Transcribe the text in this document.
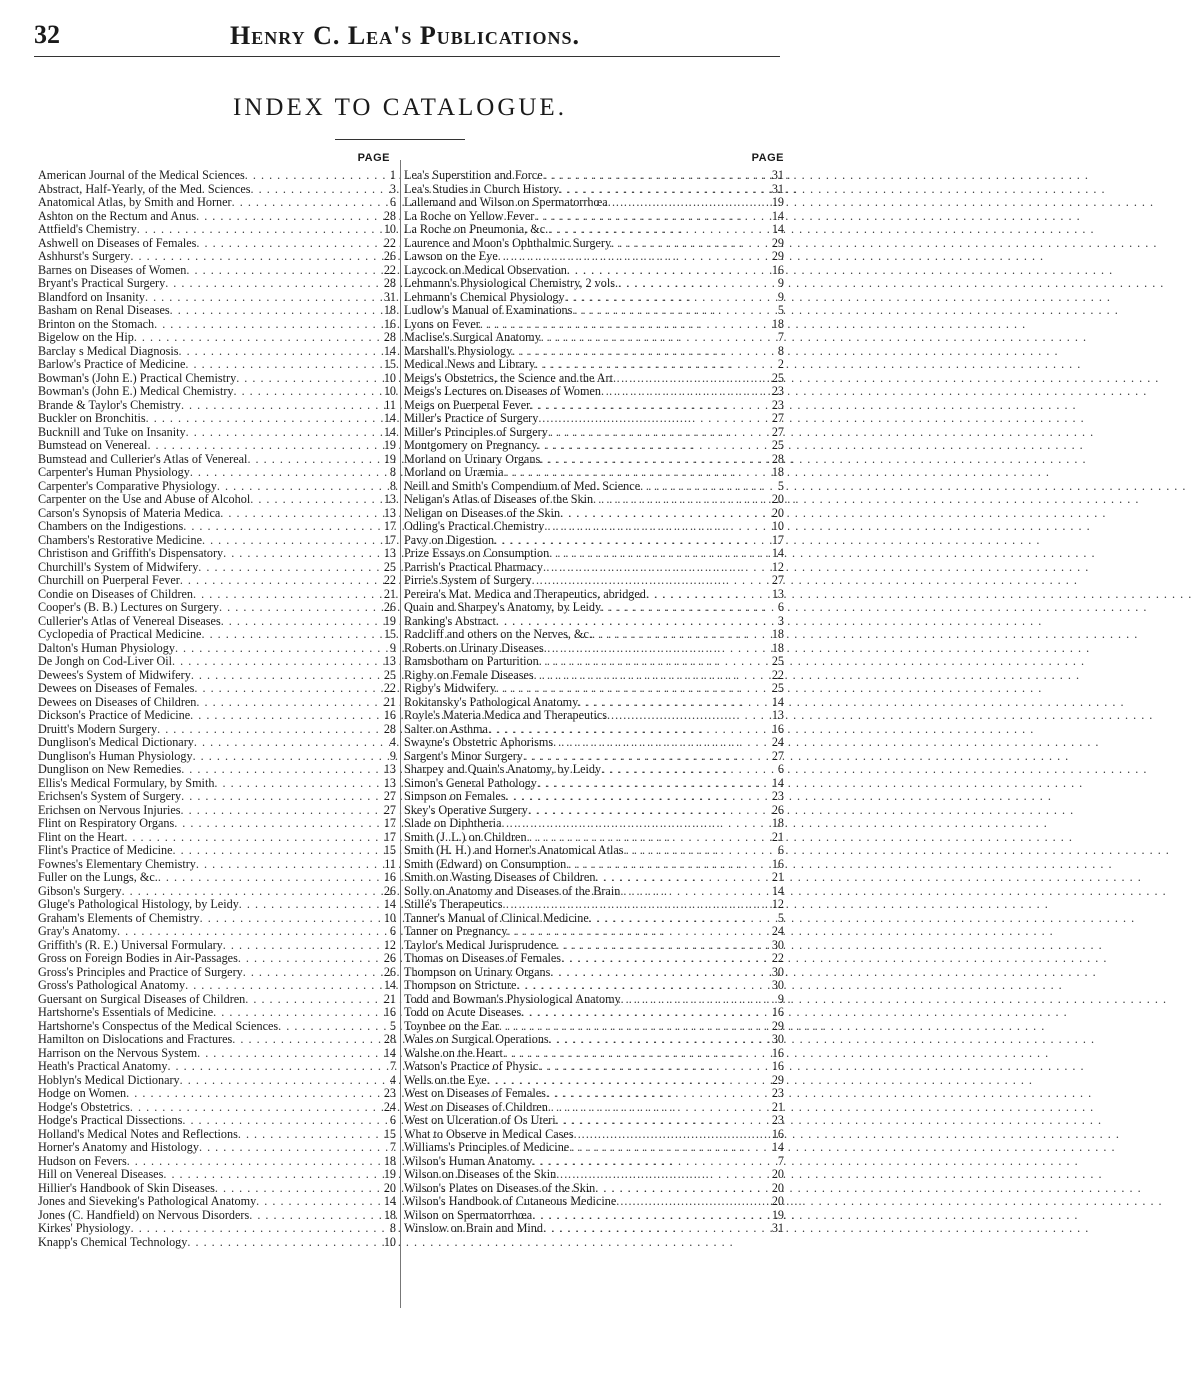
32	Henry C. Lea's Publications.
INDEX TO CATALOGUE.
PAGE	PAGE
American Journal of the Medical Sciences . . .	1
Abstract, Half-Yearly, of the Med. Sciences . . .	3
Anatomical Atlas, by Smith and Horner . . .	6
Ashton on the Rectum and Anus . . .	28
Attfield's Chemistry . . .	10
Ashwell on Diseases of Females . . .	22
Ashhurst's Surgery . . .	26
Barnes on Diseases of Women . . .	22
Bryant's Practical Surgery . . .	28
Blandford on Insanity . . .	31
Basham on Renal Diseases . . .	18
Brinton on the Stomach . . .	16
Bigelow on the Hip . . .	28
Barclay s Medical Diagnosis . . .	14
Barlow's Practice of Medicine . . .	15
Bowman's (John E.) Practical Chemistry . . .	10
Bowman's (John E.) Medical Chemistry . . .	10
Brande & Taylor's Chemistry . . .	11
Buckler on Bronchitis . . .	14
Bucknill and Tuke on Insanity . . .	14
Bumstead on Venereal . . .	19
Bumstead and Cullerier's Atlas of Venereal . . .	19
Carpenter's Human Physiology . . .	8
Carpenter's Comparative Physiology . . .	8
Carpenter on the Use and Abuse of Alcohol . . .	13
Carson's Synopsis of Materia Medica . . .	13
Chambers on the Indigestions . . .	17
Chambers's Restorative Medicine . . .	17
Christison and Griffith's Dispensatory . . .	13
Churchill's System of Midwifery . . .	25
Churchill on Puerperal Fever . . .	22
Condie on Diseases of Children . . .	21
Cooper's (B. B.) Lectures on Surgery . . .	26
Cullerier's Atlas of Venereal Diseases . . .	19
Cyclopedia of Practical Medicine . . .	15
Dalton's Human Physiology . . .	9
De Jongh on Cod-Liver Oil . . .	13
Dewees's System of Midwifery . . .	25
Dewees on Diseases of Females . . .	22
Dewees on Diseases of Children . . .	21
Dickson's Practice of Medicine . . .	16
Druitt's Modern Surgery . . .	28
Dunglison's Medical Dictionary . . .	4
Dunglison's Human Physiology . . .	9
Dunglison on New Remedies . . .	13
Ellis's Medical Formulary, by Smith . . .	13
Erichsen's System of Surgery . . .	27
Erichsen on Nervous Injuries . . .	27
Flint on Respiratory Organs . . .	17
Flint on the Heart . . .	17
Flint's Practice of Medicine . . .	15
Fownes's Elementary Chemistry . . .	11
Fuller on the Lungs, &c. . . .	16
Gibson's Surgery . . .	26
Gluge's Pathological Histology, by Leidy . . .	14
Graham's Elements of Chemistry . . .	10
Gray's Anatomy . . .	6
Griffith's (R. E.) Universal Formulary . . .	12
Gross on Foreign Bodies in Air-Passages . . .	26
Gross's Principles and Practice of Surgery . . .	26
Gross's Pathological Anatomy . . .	14
Guersant on Surgical Diseases of Children . . .	21
Hartshorne's Essentials of Medicine . . .	16
Hartshorne's Conspectus of the Medical Sciences . . .	5
Hamilton on Dislocations and Fractures . . .	28
Harrison on the Nervous System . . .	14
Heath's Practical Anatomy . . .	7
Hoblyn's Medical Dictionary . . .	4
Hodge on Women . . .	23
Hodge's Obstetrics . . .	24
Hodge's Practical Dissections . . .	6
Holland's Medical Notes and Reflections . . .	15
Horner's Anatomy and Histology . . .	7
Hudson on Fevers . . .	18
Hill on Venereal Diseases . . .	19
Hillier's Handbook of Skin Diseases . . .	20
Jones and Sieveking's Pathological Anatomy . . .	14
Jones (C. Handfield) on Nervous Disorders . . .	18
Kirkes' Physiology . . .	8
Knapp's Chemical Technology . . .	10
Lea's Superstition and Force . . .	31
Lea's Studies in Church History . . .	31
Lallemand and Wilson on Spermatorrhœa . . .	19
La Roche on Yellow Fever . . .	14
La Roche on Pneumonia, &c. . . .	14
Laurence and Moon's Ophthalmic Surgery . . .	29
Lawson on the Eye . . .	29
Laycock on Medical Observation . . .	16
Lehmann's Physiological Chemistry, 2 vols. . . .	9
Lehmann's Chemical Physiology . . .	9
Ludlow's Manual of Examinations . . .	5
Lyons on Fever . . .	18
Maclise's Surgical Anatomy . . .	7
Marshall's Physiology . . .	8
Medical News and Library . . .	2
Meigs's Obstetrics, the Science and the Art . . .	25
Meigs's Lectures on Diseases of Women . . .	23
Meigs on Puerperal Fever . . .	23
Miller's Practice of Surgery . . .	27
Miller's Principles of Surgery . . .	27
Montgomery on Pregnancy . . .	25
Morland on Urinary Organs . . .	28
Morland on Uræmia . . .	18
Neill and Smith's Compendium of Med. Science . . .	5
Neligan's Atlas of Diseases of the Skin . . .	20
Neligan on Diseases of the Skin . . .	20
Odling's Practical Chemistry . . .	10
Pavy on Digestion . . .	17
Prize Essays on Consumption . . .	14
Parrish's Practical Pharmacy . . .	12
Pirrie's System of Surgery . . .	27
Pereira's Mat. Medica and Therapeutics, abridged . . .	13
Quain and Sharpey's Anatomy, by Leidy . . .	6
Ranking's Abstract . . .	3
Radcliff and others on the Nerves, &c. . . .	18
Roberts on Urinary Diseases . . .	18
Ramsbotham on Parturition . . .	25
Rigby on Female Diseases . . .	22
Rigby's Midwifery . . .	25
Rokitansky's Pathological Anatomy . . .	14
Royle's Materia Medica and Therapeutics . . .	13
Salter on Asthma . . .	16
Swayne's Obstetric Aphorisms . . .	24
Sargent's Minor Surgery . . .	27
Sharpey and Quain's Anatomy, by Leidy . . .	6
Simon's General Pathology . . .	14
Simpson on Females . . .	23
Skey's Operative Surgery . . .	26
Slade on Diphtheria . . .	18
Smith (J. L.) on Children . . .	21
Smith (H. H.) and Horner's Anatomical Atlas . . .	6
Smith (Edward) on Consumption . . .	16
Smith on Wasting Diseases of Children . . .	21
Solly on Anatomy and Diseases of the Brain . . .	14
Stillé's Therapeutics . . .	12
Tanner's Manual of Clinical Medicine . . .	5
Tanner on Pregnancy . . .	24
Taylor's Medical Jurisprudence . . .	30
Thomas on Diseases of Females . . .	22
Thompson on Urinary Organs . . .	30
Thompson on Stricture . . .	30
Todd and Bowman's Physiological Anatomy . . .	9
Todd on Acute Diseases . . .	16
Toynbee on the Ear . . .	29
Wales on Surgical Operations . . .	30
Walshe on the Heart . . .	16
Watson's Practice of Physic . . .	16
Wells on the Eye . . .	29
West on Diseases of Females . . .	23
West on Diseases of Children . . .	21
West on Ulceration of Os Uteri . . .	23
What to Observe in Medical Cases . . .	16
Williams's Principles of Medicine . . .	14
Wilson's Human Anatomy . . .	7
Wilson on Diseases of the Skin . . .	20
Wilson's Plates on Diseases of the Skin . . .	20
Wilson's Handbook of Cutaneous Medicine . . .	20
Wilson on Spermatorrhœa . . .	19
Winslow on Brain and Mind . . .	31
